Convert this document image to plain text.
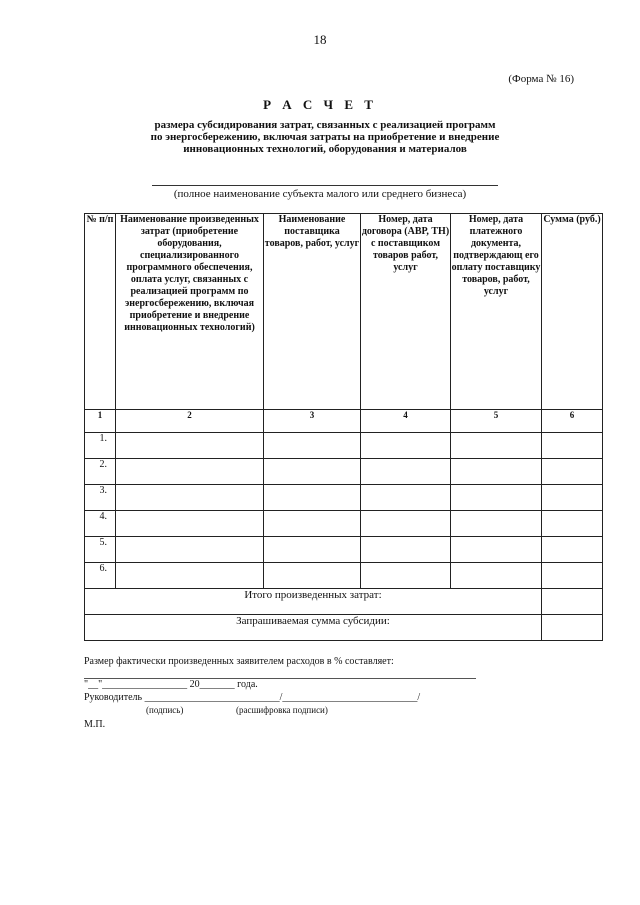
18
(Форма № 16)
Р А С Ч Е Т
размера субсидирования затрат, связанных с реализацией программ по энергосбережению, включая затраты на приобретение и внедрение инновационных технологий, оборудования и материалов
(полное наименование субъекта малого или среднего бизнеса)
№ п/п	Наименование произведенных затрат (приобретение оборудования, специализированного программного обеспечения, оплата услуг, связанных с реализацией программ по энергосбережению, включая приобретение и внедрение инновационных технологий)	Наименование поставщика товаров, работ, услуг	Номер, дата договора (АВР, ТН) с поставщиком товаров работ, услуг	Номер, дата платежного документа, подтверждающ его оплату поставщику товаров, работ, услуг	Сумма (руб.)
1	2	3	4	5	6
1.					
2.					
3.					
4.					
5.					
6.					
Итого произведенных затрат:					
Запрашиваемая сумма субсидии:					
Размер фактически произведенных заявителем расходов в % составляет:
"__"_________________ 20_______ года.
Руководитель ___________________________/___________________________/
(подпись)	(расшифровка подписи)
М.П.
